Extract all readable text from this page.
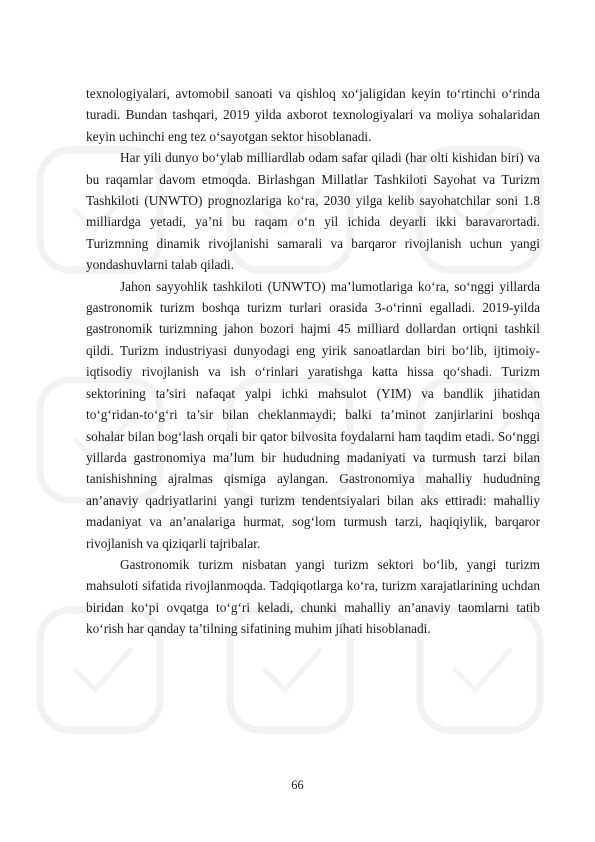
texnologiyalari, avtomobil sanoati va qishloq xo‘jaligidan keyin to‘rtinchi o‘rinda turadi. Bundan tashqari, 2019 yilda axborot texnologiyalari va moliya sohalaridan keyin uchinchi eng tez o‘sayotgan sektor hisoblanadi.

Har yili dunyo bo‘ylab milliardlab odam safar qiladi (har olti kishidan biri) va bu raqamlar davom etmoqda. Birlashgan Millatlar Tashkiloti Sayohat va Turizm Tashkiloti (UNWTO) prognozlariga ko‘ra, 2030 yilga kelib sayohatchilar soni 1.8 milliardga yetadi, ya’ni bu raqam o‘n yil ichida deyarli ikki baravarortadi. Turizmning dinamik rivojlanishi samarali va barqaror rivojlanish uchun yangi yondashuvlarni talab qiladi.

Jahon sayyohlik tashkiloti (UNWTO) ma’lumotlariga ko‘ra, so‘nggi yillarda gastronomik turizm boshqa turizm turlari orasida 3-o‘rinni egalladi. 2019-yilda gastronomik turizmning jahon bozori hajmi 45 milliard dollardan ortiqni tashkil qildi. Turizm industriyasi dunyodagi eng yirik sanoatlardan biri bo‘lib, ijtimoiy-iqtisodiy rivojlanish va ish o‘rinlari yaratishga katta hissa qo‘shadi. Turizm sektorining ta’siri nafaqat yalpi ichki mahsulot (YIM) va bandlik jihatidan to‘g‘ridan-to‘g‘ri ta’sir bilan cheklanmaydi; balki ta’minot zanjirlarini boshqa sohalar bilan bog‘lash orqali bir qator bilvosita foydalarni ham taqdim etadi. So‘nggi yillarda gastronomiya ma’lum bir hududning madaniyati va turmush tarzi bilan tanishishning ajralmas qismiga aylangan. Gastronomiya mahalliy hududning an’anaviy qadriyatlarini yangi turizm tendentsiyalari bilan aks ettiradi: mahalliy madaniyat va an’analariga hurmat, sog‘lom turmush tarzi, haqiqiylik, barqaror rivojlanish va qiziqarli tajribalar.

Gastronomik turizm nisbatan yangi turizm sektori bo‘lib, yangi turizm mahsuloti sifatida rivojlanmoqda. Tadqiqotlarga ko‘ra, turizm xarajatlarining uchdan biridan ko‘pi ovqatga to‘g‘ri keladi, chunki mahalliy an’anaviy taomlarni tatib ko‘rish har qanday ta’tilning sifatining muhim jihati hisoblanadi.

66
